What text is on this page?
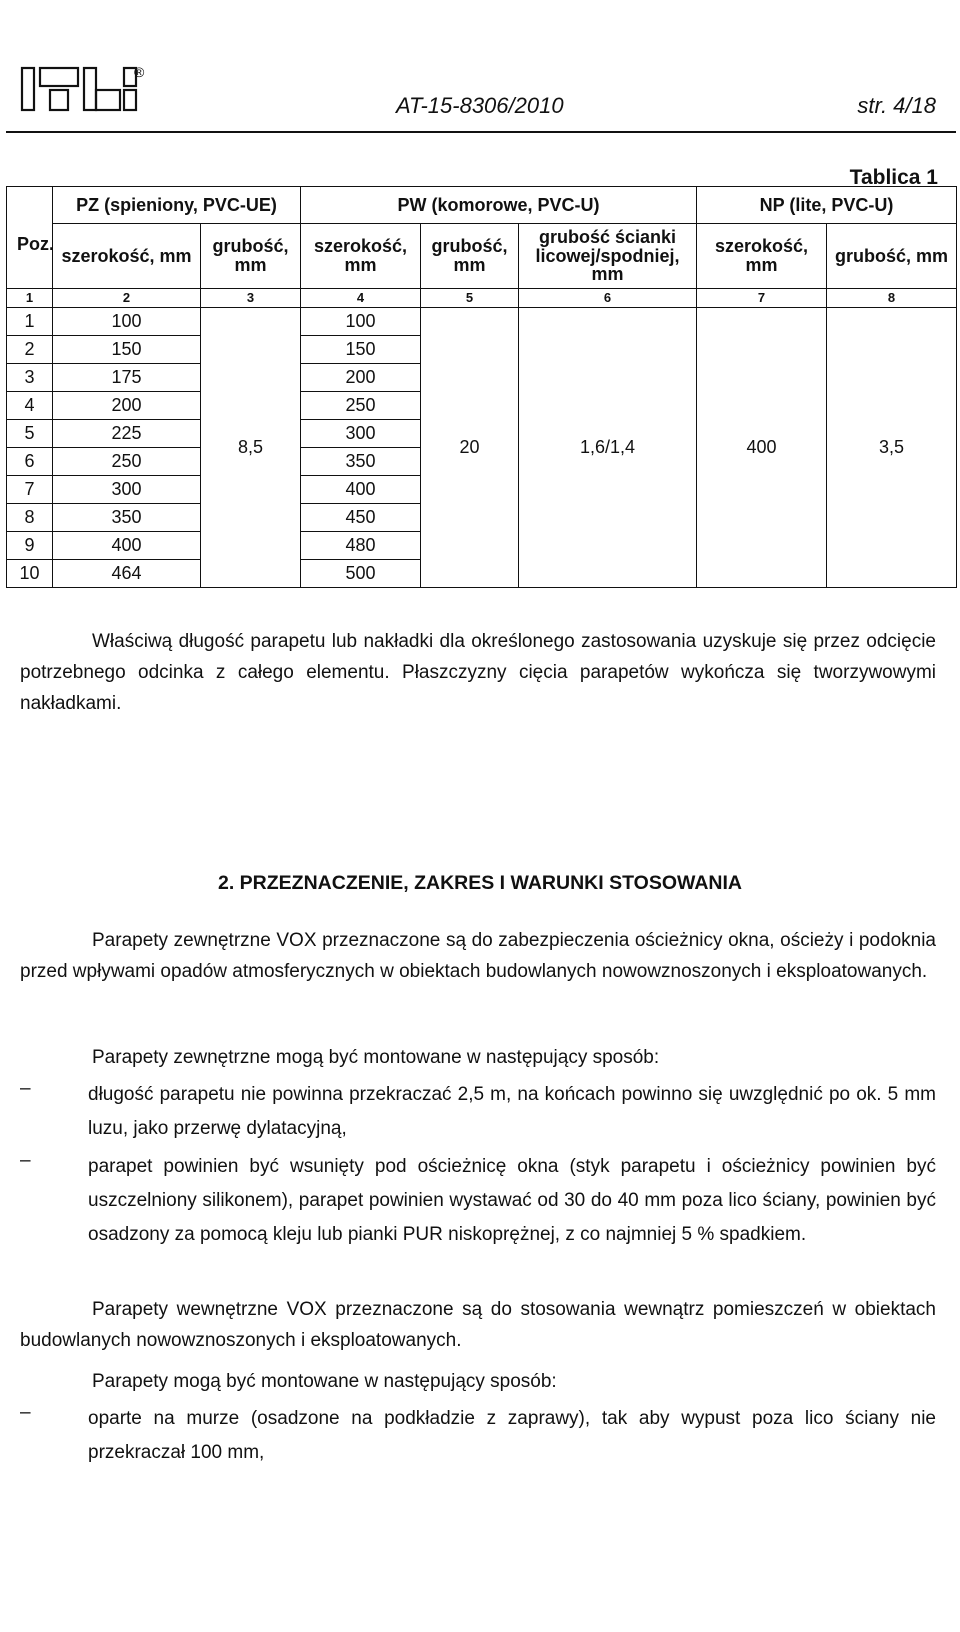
®
AT-15-8306/2010	str. 4/18
Tablica 1
Poz.	PZ (spieniony, PVC-UE)		PW (komorowe, PVC-U)			NP (lite, PVC-U)	
	szerokość, mm	grubość, mm	szerokość, mm	grubość, mm	grubość ścianki licowej/spodniej, mm	szerokość, mm	grubość, mm
1	2	3	4	5	6	7	8
1	100	8,5	100	20	1,6/1,4	400	3,5
2	150		150				
3	175		200				
4	200		250				
5	225		300				
6	250		350				
7	300		400				
8	350		450				
9	400		480				
10	464		500				
Właściwą długość parapetu lub nakładki dla określonego zastosowania uzyskuje się przez odcięcie potrzebnego odcinka z całego elementu. Płaszczyzny cięcia parapetów wykończa się tworzywowymi nakładkami.
2. PRZEZNACZENIE, ZAKRES I WARUNKI STOSOWANIA
Parapety zewnętrzne VOX przeznaczone są do zabezpieczenia ościeżnicy okna, ościeży i podoknia przed wpływami opadów atmosferycznych w obiektach budowlanych nowowznoszonych i eksploatowanych.
Parapety zewnętrzne mogą być montowane w następujący sposób:
–	długość parapetu nie powinna przekraczać 2,5 m, na końcach powinno się uwzględnić po ok. 5 mm luzu, jako przerwę dylatacyjną,
–	parapet powinien być wsunięty pod ościeżnicę okna (styk parapetu i ościeżnicy powinien być uszczelniony silikonem), parapet powinien wystawać od 30 do 40 mm poza lico ściany, powinien być osadzony za pomocą kleju lub pianki PUR niskoprężnej, z co najmniej 5 % spadkiem.
Parapety wewnętrzne VOX przeznaczone są do stosowania wewnątrz pomieszczeń w obiektach budowlanych nowowznoszonych i eksploatowanych.
Parapety mogą być montowane w następujący sposób:
–	oparte na murze (osadzone na podkładzie z zaprawy), tak aby wypust poza lico ściany nie przekraczał 100 mm,
